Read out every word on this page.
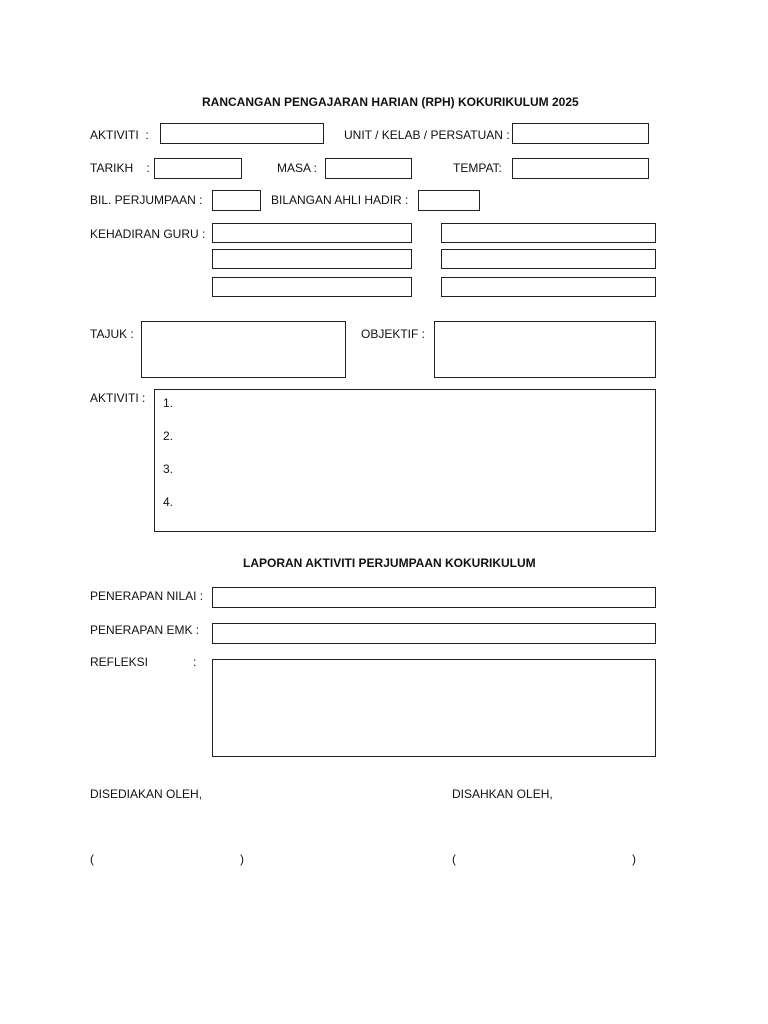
RANCANGAN PENGAJARAN HARIAN (RPH) KOKURIKULUM 2025
AKTIVITI  :	UNIT / KELAB / PERSATUAN :
TARIKH    :	MASA :	TEMPAT:
BIL. PERJUMPAAN :	BILANGAN AHLI HADIR :
KEHADIRAN GURU :
TAJUK :	OBJEKTIF :
AKTIVITI : 1.
2.
3.
4.
LAPORAN AKTIVITI PERJUMPAAN KOKURIKULUM
PENERAPAN NILAI :
PENERAPAN EMK :
REFLEKSI	:
DISEDIAKAN OLEH,	DISAHKAN OLEH,
(	)	(	)
